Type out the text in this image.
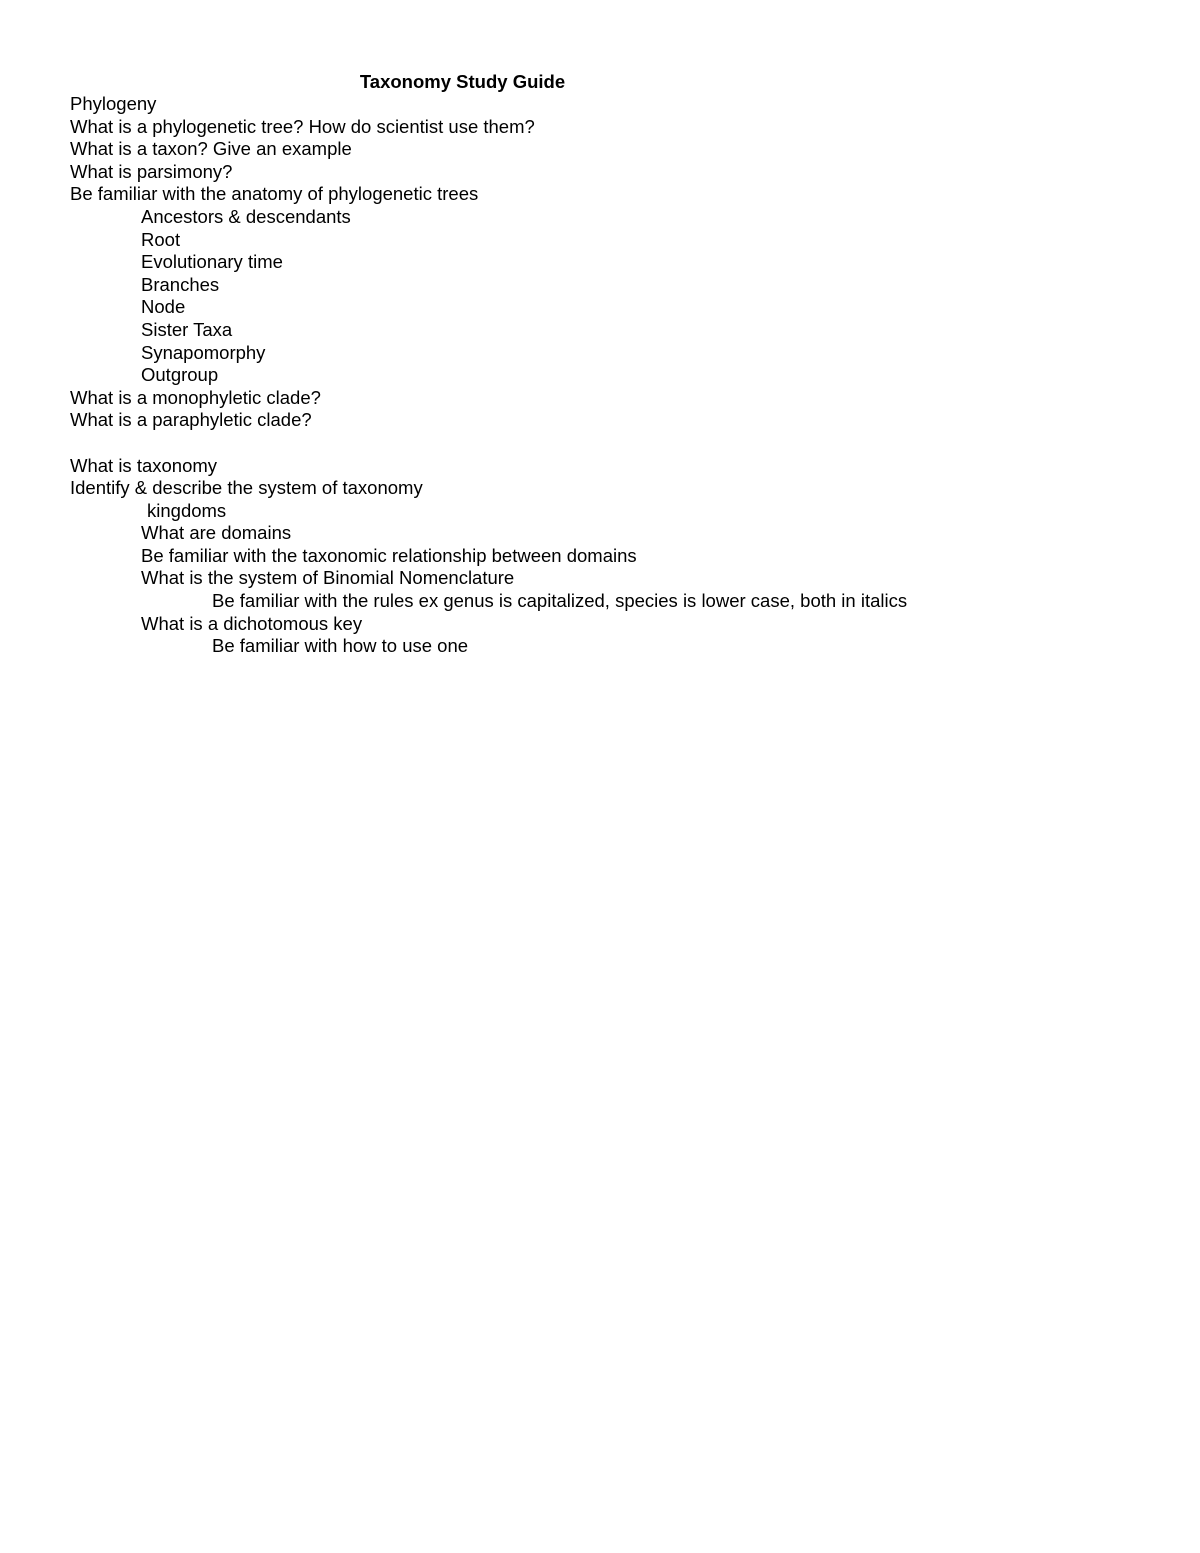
Taxonomy Study Guide
Phylogeny
What is a phylogenetic tree? How do scientist use them?
What is a taxon? Give an example
What is parsimony?
Be familiar with the anatomy of phylogenetic trees
Ancestors & descendants
Root
Evolutionary time
Branches
Node
Sister Taxa
Synapomorphy
Outgroup
What is a monophyletic clade?
What is a paraphyletic clade?
What is taxonomy
Identify & describe the system of taxonomy
kingdoms
What are domains
Be familiar with the taxonomic relationship between domains
What is the system of Binomial Nomenclature
Be familiar with the rules ex genus is capitalized, species is lower case, both in italics
What is a dichotomous key
Be familiar with how to use one
